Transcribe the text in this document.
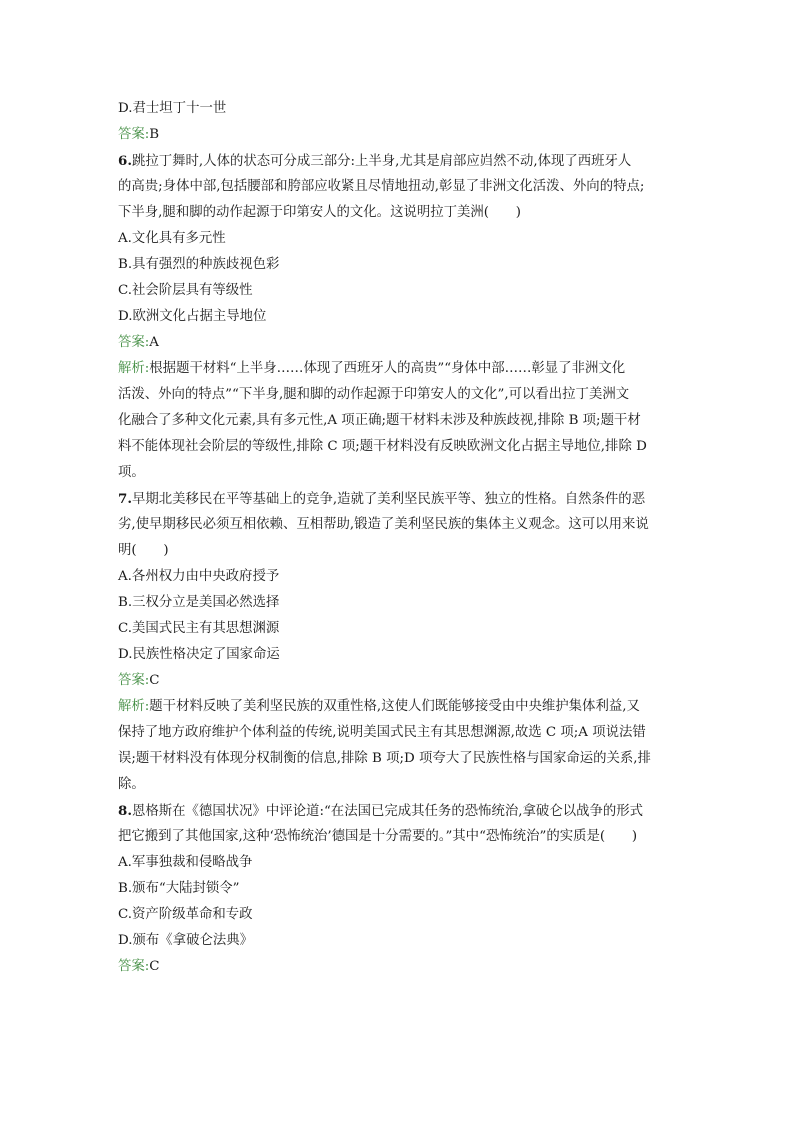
D.君士坦丁十一世
答案:B
6.跳拉丁舞时,人体的状态可分成三部分:上半身,尤其是肩部应岿然不动,体现了西班牙人
的高贵;身体中部,包括腰部和胯部应收紧且尽情地扭动,彰显了非洲文化活泼、外向的特点;
下半身,腿和脚的动作起源于印第安人的文化。这说明拉丁美洲(　　)
A.文化具有多元性
B.具有强烈的种族歧视色彩
C.社会阶层具有等级性
D.欧洲文化占据主导地位
答案:A
解析:根据题干材料“上半身……体现了西班牙人的高贵”“身体中部……彰显了非洲文化
活泼、外向的特点”“下半身,腿和脚的动作起源于印第安人的文化”,可以看出拉丁美洲文
化融合了多种文化元素,具有多元性,A 项正确;题干材料未涉及种族歧视,排除 B 项;题干材
料不能体现社会阶层的等级性,排除 C 项;题干材料没有反映欧洲文化占据主导地位,排除 D
项。
7.早期北美移民在平等基础上的竞争,造就了美利坚民族平等、独立的性格。自然条件的恶
劣,使早期移民必须互相依赖、互相帮助,锻造了美利坚民族的集体主义观念。这可以用来说
明(　　)
A.各州权力由中央政府授予
B.三权分立是美国必然选择
C.美国式民主有其思想渊源
D.民族性格决定了国家命运
答案:C
解析:题干材料反映了美利坚民族的双重性格,这使人们既能够接受由中央维护集体利益,又
保持了地方政府维护个体利益的传统,说明美国式民主有其思想渊源,故选 C 项;A 项说法错
误;题干材料没有体现分权制衡的信息,排除 B 项;D 项夸大了民族性格与国家命运的关系,排
除。
8.恩格斯在《德国状况》中评论道:“在法国已完成其任务的恐怖统治,拿破仑以战争的形式
把它搬到了其他国家,这种‘恐怖统治’德国是十分需要的。”其中“恐怖统治”的实质是(　　)
A.军事独裁和侵略战争
B.颁布“大陆封锁令”
C.资产阶级革命和专政
D.颁布《拿破仑法典》
答案:C
